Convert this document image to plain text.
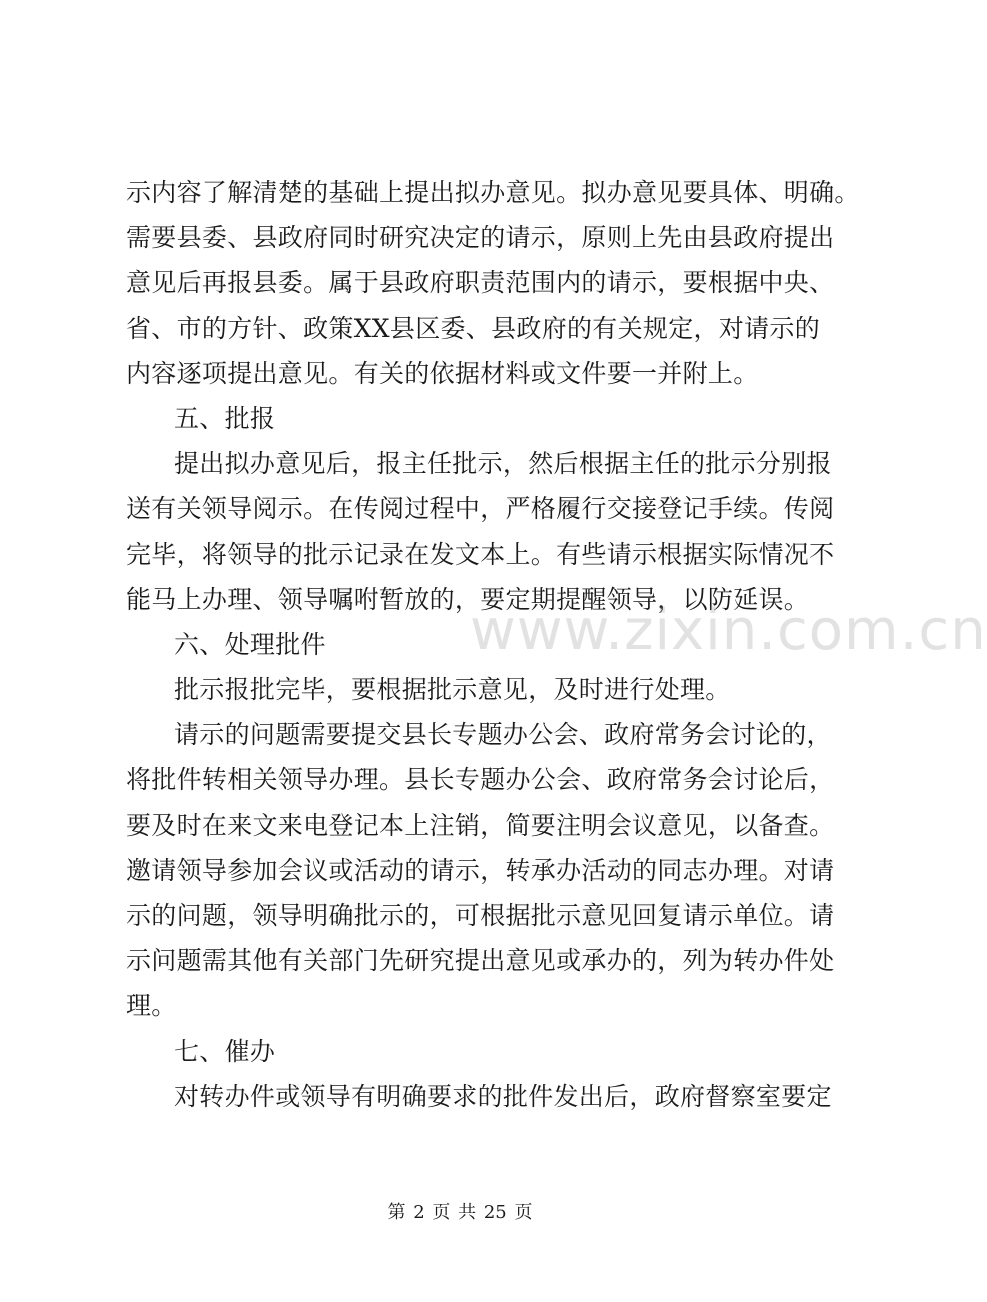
示内容了解清楚的基础上提出拟办意见。拟办意见要具体、明确。
需要县委、县政府同时研究决定的请示，原则上先由县政府提出
意见后再报县委。属于县政府职责范围内的请示，要根据中央、
省、市的方针、政策XX县区委、县政府的有关规定，对请示的
内容逐项提出意见。有关的依据材料或文件要一并附上。
五、批报
提出拟办意见后，报主任批示，然后根据主任的批示分别报
送有关领导阅示。在传阅过程中，严格履行交接登记手续。传阅
完毕，将领导的批示记录在发文本上。有些请示根据实际情况不
能马上办理、领导嘱咐暂放的，要定期提醒领导，以防延误。
六、处理批件
批示报批完毕，要根据批示意见，及时进行处理。
请示的问题需要提交县长专题办公会、政府常务会讨论的，
将批件转相关领导办理。县长专题办公会、政府常务会讨论后，
要及时在来文来电登记本上注销，简要注明会议意见，以备查。
邀请领导参加会议或活动的请示，转承办活动的同志办理。对请
示的问题，领导明确批示的，可根据批示意见回复请示单位。请
示问题需其他有关部门先研究提出意见或承办的，列为转办件处
理。
七、催办
对转办件或领导有明确要求的批件发出后，政府督察室要定
www.zixin.com.cn
第 2 页 共 25 页
